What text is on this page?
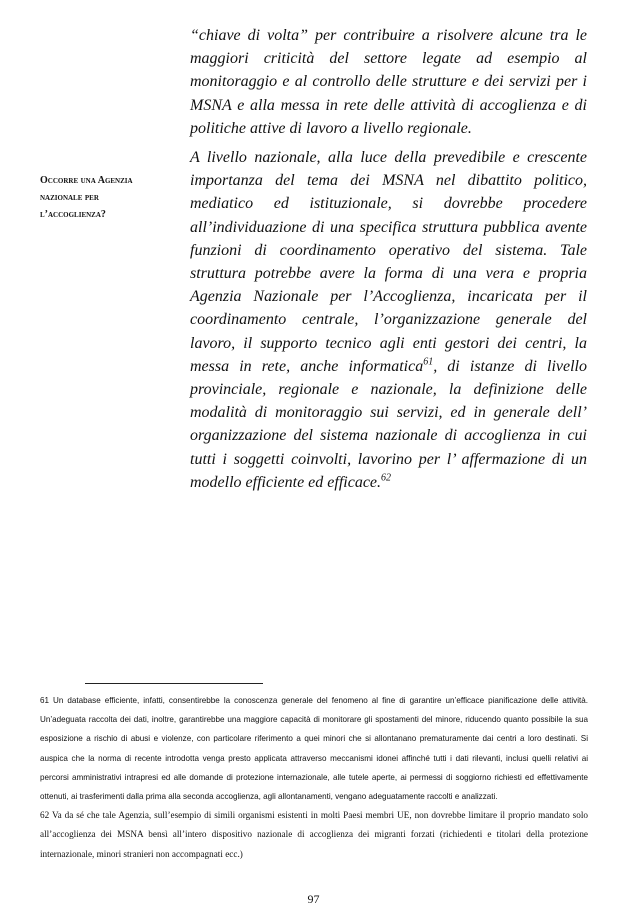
“chiave di volta” per contribuire a risolvere alcune tra le maggiori criticità del settore legate ad esempio al monitoraggio e al controllo delle strutture e dei servizi per i MSNA e alla messa in rete delle attività di accoglienza e di politiche attive di lavoro a livello regionale.

A livello nazionale, alla luce della prevedibile e crescente importanza del tema dei MSNA nel dibattito politico, mediatico ed istituzionale, si dovrebbe procedere all’individuazione di una specifica struttura pubblica avente funzioni di coordinamento operativo del sistema. Tale struttura potrebbe avere la forma di una vera e propria Agenzia Nazionale per l’Accoglienza, incaricata per il coordinamento centrale, l’organizzazione generale del lavoro, il supporto tecnico agli enti gestori dei centri, la messa in rete, anche informatica$^{61}$, di istanze di livello provinciale, regionale e nazionale, la definizione delle modalità di monitoraggio sui servizi, ed in generale dell’ organizzazione del sistema nazionale di accoglienza in cui tutti i soggetti coinvolti, lavorino per l’ affermazione di un modello efficiente ed efficace.$^{62}$

Occorre una Agenzia nazionale per l’accoglienza?

61 Un database efficiente, infatti, consentirebbe la conoscenza generale del fenomeno al fine di garantire un’efficace pianificazione delle attività. Un’adeguata raccolta dei dati, inoltre, garantirebbe una maggiore capacità di monitorare gli spostamenti del minore, riducendo quanto possibile la sua esposizione a rischio di abusi e violenze, con particolare riferimento a quei minori che si allontanano prematuramente dai centri a loro destinati. Si auspica che la norma di recente introdotta venga presto applicata attraverso meccanismi idonei affinché tutti i dati rilevanti, inclusi quelli relativi ai percorsi amministrativi intrapresi ed alle domande di protezione internazionale, alle tutele aperte, ai permessi di soggiorno richiesti ed effettivamente ottenuti, ai trasferimenti dalla prima alla seconda accoglienza, agli allontanamenti, vengano adeguatamente raccolti e analizzati.

62 Va da sé che tale Agenzia, sull’esempio di simili organismi esistenti in molti Paesi membri UE, non dovrebbe limitare il proprio mandato solo all’accoglienza dei MSNA bensì all’intero dispositivo nazionale di accoglienza dei migranti forzati (richiedenti e titolari della protezione internazionale, minori stranieri non accompagnati ecc.)

97
